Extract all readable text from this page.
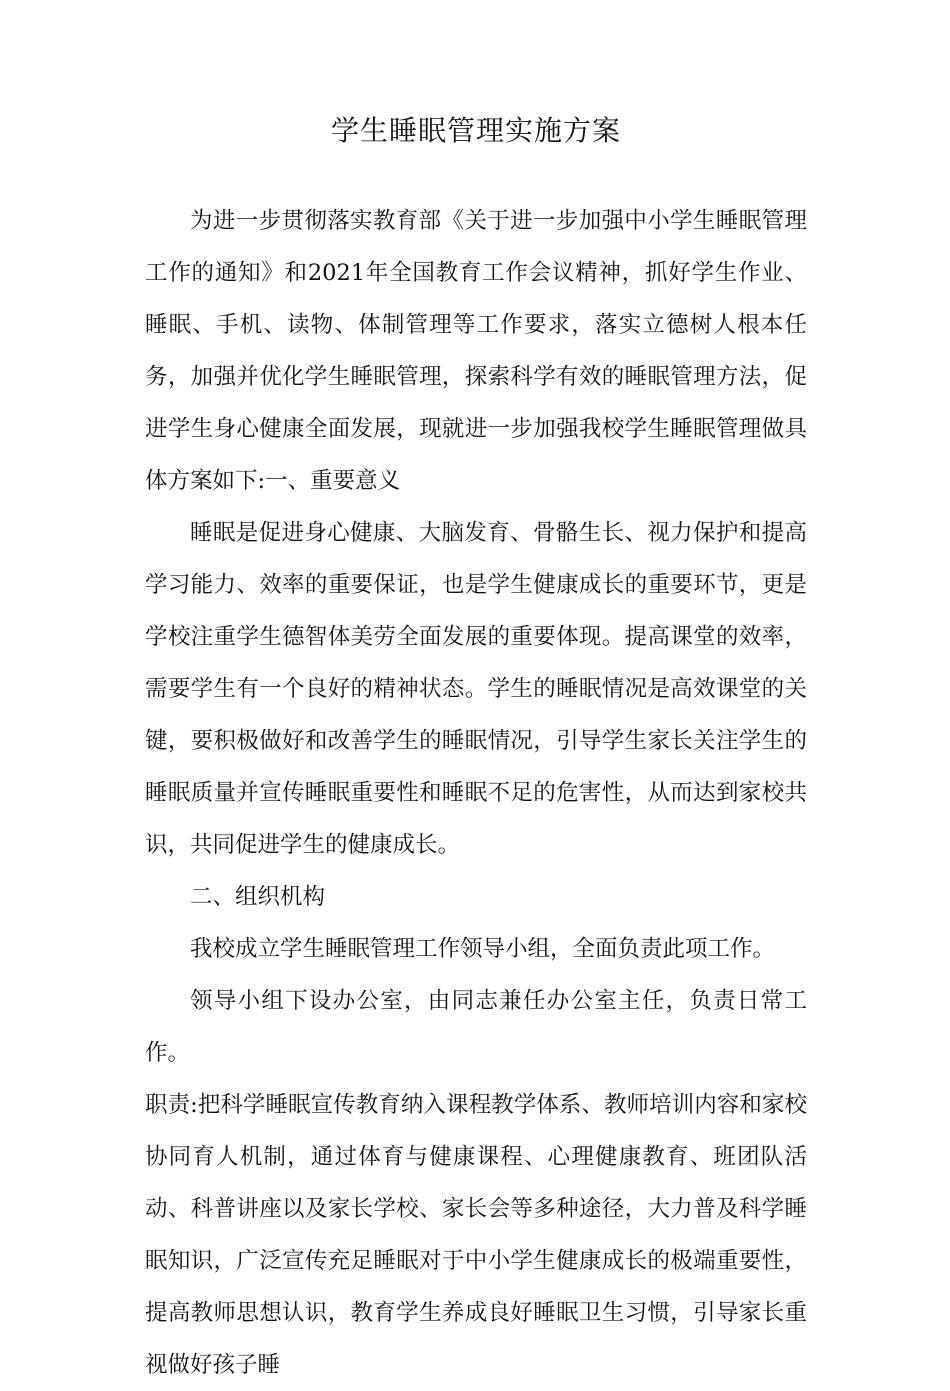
学生睡眠管理实施方案

为进一步贯彻落实教育部《关于进一步加强中小学生睡眠管理工作的通知》和2021年全国教育工作会议精神，抓好学生作业、睡眠、手机、读物、体制管理等工作要求，落实立德树人根本任务，加强并优化学生睡眠管理，探索科学有效的睡眠管理方法，促进学生身心健康全面发展，现就进一步加强我校学生睡眠管理做具体方案如下:一、重要意义

睡眠是促进身心健康、大脑发育、骨骼生长、视力保护和提高学习能力、效率的重要保证，也是学生健康成长的重要环节，更是学校注重学生德智体美劳全面发展的重要体现。提高课堂的效率，需要学生有一个良好的精神状态。学生的睡眠情况是高效课堂的关键，要积极做好和改善学生的睡眠情况，引导学生家长关注学生的睡眠质量并宣传睡眠重要性和睡眠不足的危害性，从而达到家校共识，共同促进学生的健康成长。

二、组织机构

我校成立学生睡眠管理工作领导小组，全面负责此项工作。

领导小组下设办公室，由同志兼任办公室主任，负责日常工作。

职责:把科学睡眠宣传教育纳入课程教学体系、教师培训内容和家校协同育人机制，通过体育与健康课程、心理健康教育、班团队活动、科普讲座以及家长学校、家长会等多种途径，大力普及科学睡眠知识，广泛宣传充足睡眠对于中小学生健康成长的极端重要性，提高教师思想认识，教育学生养成良好睡眠卫生习惯，引导家长重视做好孩子睡
